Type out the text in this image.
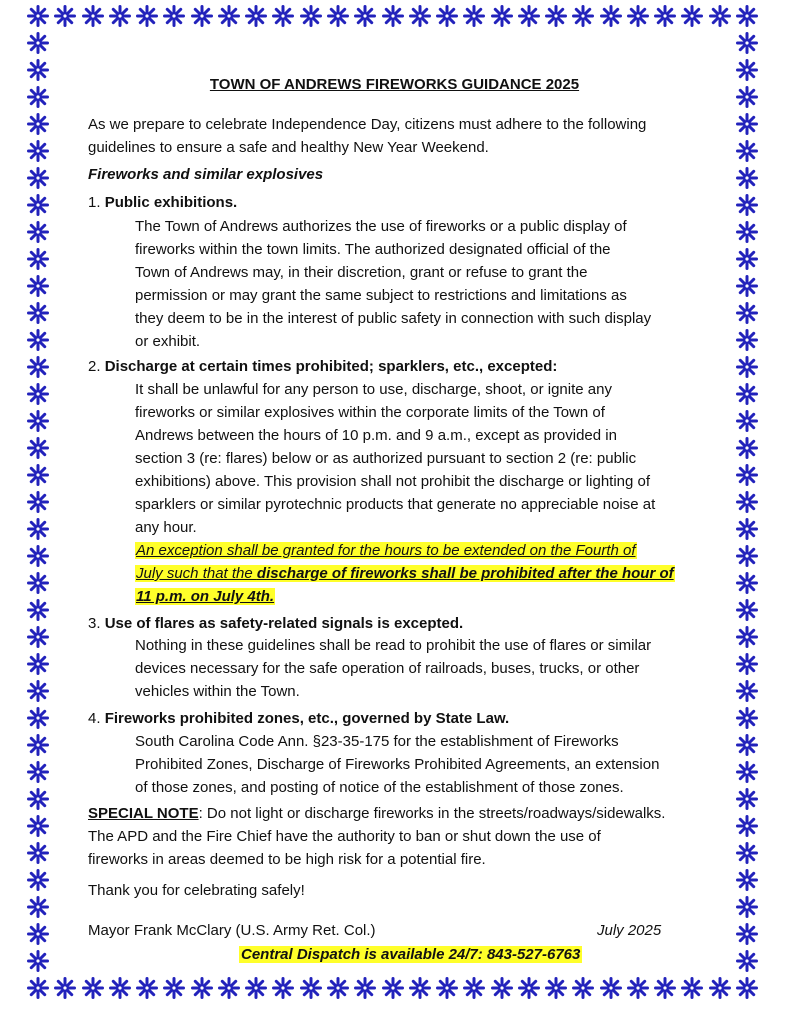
TOWN OF ANDREWS FIREWORKS GUIDANCE 2025
As we prepare to celebrate Independence Day, citizens must adhere to the following
guidelines to ensure a safe and healthy New Year Weekend.
Fireworks and similar explosives
1. Public exhibitions.
The Town of Andrews authorizes the use of fireworks or a public display of
fireworks within the town limits. The authorized designated official of the
Town of Andrews may, in their discretion, grant or refuse to grant the
permission or may grant the same subject to restrictions and limitations as
they deem to be in the interest of public safety in connection with such display
or exhibit.
2. Discharge at certain times prohibited; sparklers, etc., excepted:
It shall be unlawful for any person to use, discharge, shoot, or ignite any
fireworks or similar explosives within the corporate limits of the Town of
Andrews between the hours of 10 p.m. and 9 a.m., except as provided in
section 3 (re: flares) below or as authorized pursuant to section 2 (re: public
exhibitions) above. This provision shall not prohibit the discharge or lighting of
sparklers or similar pyrotechnic products that generate no appreciable noise at
any hour.
An exception shall be granted for the hours to be extended on the Fourth of
July such that the discharge of fireworks shall be prohibited after the hour of
11 p.m. on July 4th.
3. Use of flares as safety-related signals is excepted.
Nothing in these guidelines shall be read to prohibit the use of flares or similar
devices necessary for the safe operation of railroads, buses, trucks, or other
vehicles within the Town.
4. Fireworks prohibited zones, etc., governed by State Law.
South Carolina Code Ann. §23-35-175 for the establishment of Fireworks
Prohibited Zones, Discharge of Fireworks Prohibited Agreements, an extension
of those zones, and posting of notice of the establishment of those zones.
SPECIAL NOTE: Do not light or discharge fireworks in the streets/roadways/sidewalks.
The APD and the Fire Chief have the authority to ban or shut down the use of
fireworks in areas deemed to be high risk for a potential fire.
Thank you for celebrating safely!
Mayor Frank McClary (U.S. Army Ret. Col.)	July 2025
Central Dispatch is available 24/7: 843-527-6763
